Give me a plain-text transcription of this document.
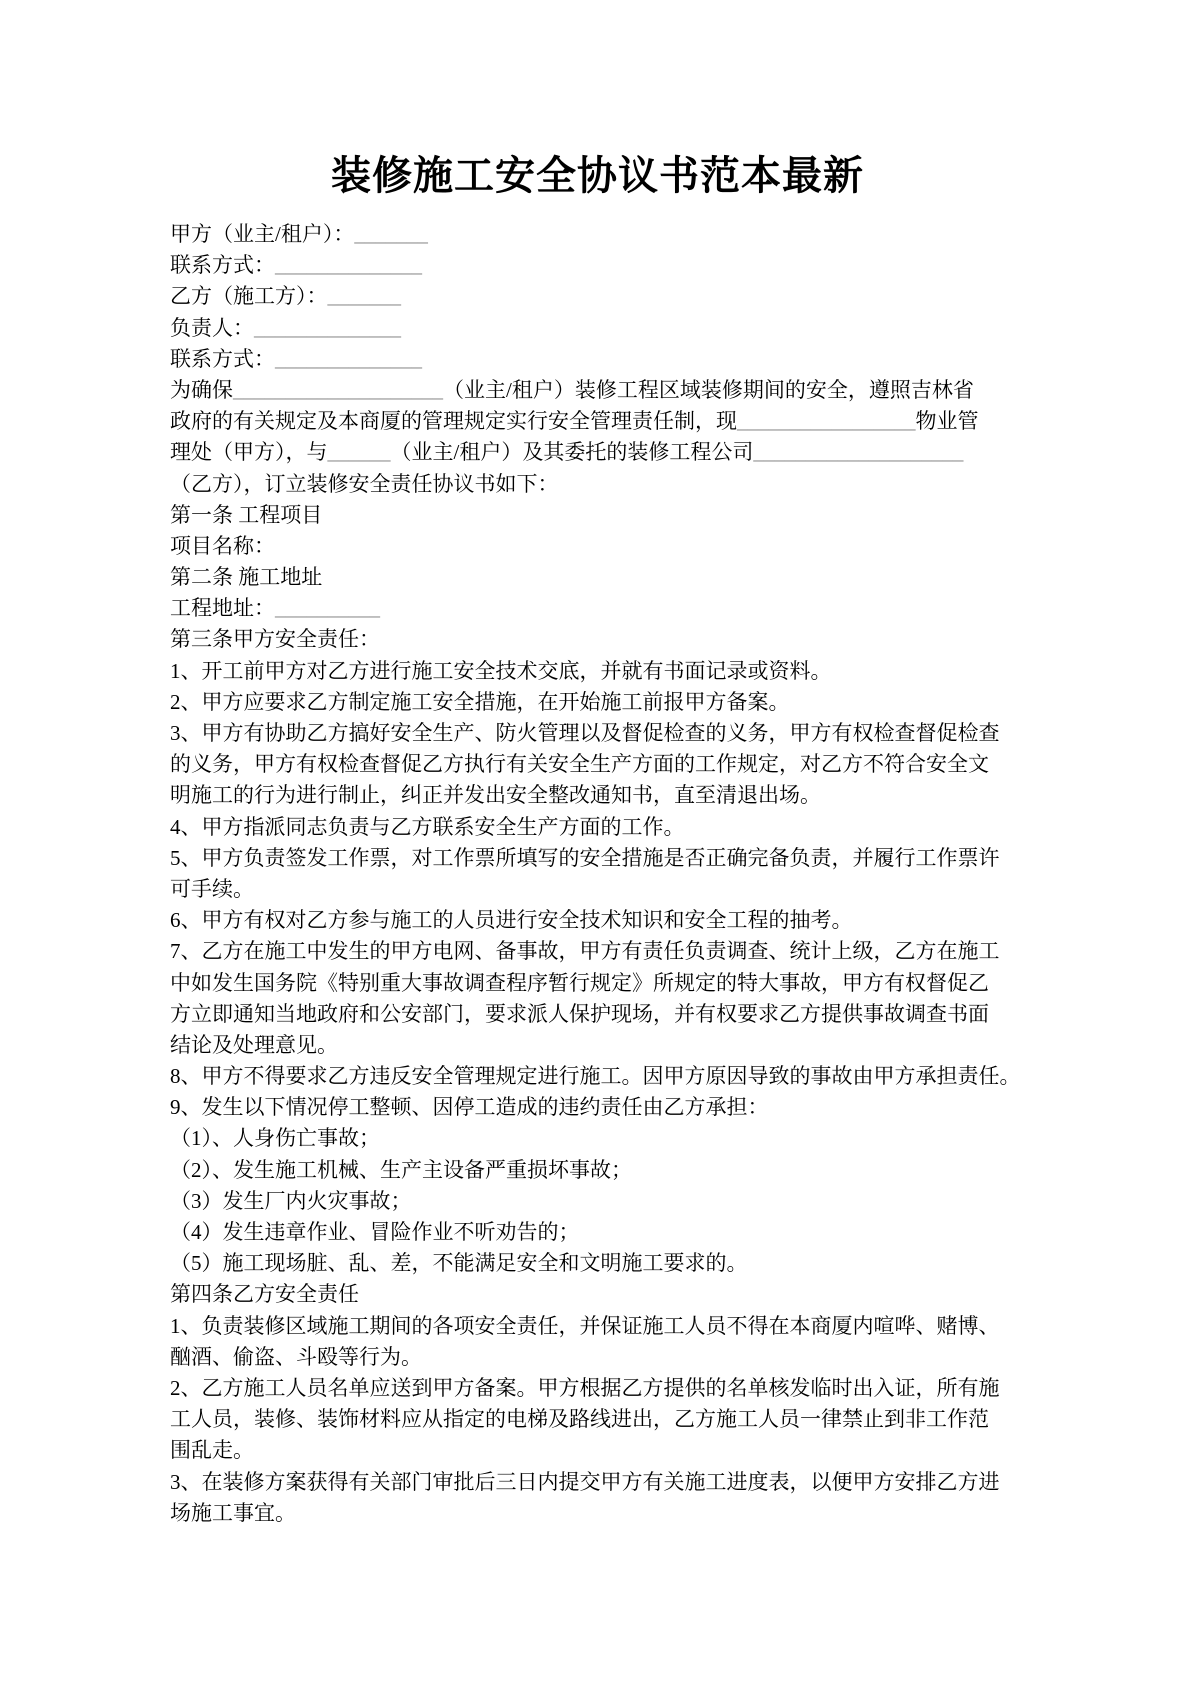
装修施工安全协议书范本最新
甲方（业主/租户）：_______
联系方式：______________
乙方（施工方）：_______
负责人：______________
联系方式：______________
为确保____________________（业主/租户）装修工程区域装修期间的安全，遵照吉林省
政府的有关规定及本商厦的管理规定实行安全管理责任制，现_________________物业管
理处（甲方），与______（业主/租户）及其委托的装修工程公司____________________
（乙方），订立装修安全责任协议书如下：
第一条 工程项目
项目名称：
第二条 施工地址
工程地址：__________
第三条甲方安全责任：
1、开工前甲方对乙方进行施工安全技术交底，并就有书面记录或资料。
2、甲方应要求乙方制定施工安全措施，在开始施工前报甲方备案。
3、甲方有协助乙方搞好安全生产、防火管理以及督促检查的义务，甲方有权检查督促检查
的义务，甲方有权检查督促乙方执行有关安全生产方面的工作规定，对乙方不符合安全文
明施工的行为进行制止，纠正并发出安全整改通知书，直至清退出场。
4、甲方指派同志负责与乙方联系安全生产方面的工作。
5、甲方负责签发工作票，对工作票所填写的安全措施是否正确完备负责，并履行工作票许
可手续。
6、甲方有权对乙方参与施工的人员进行安全技术知识和安全工程的抽考。
7、乙方在施工中发生的甲方电网、备事故，甲方有责任负责调查、统计上级，乙方在施工
中如发生国务院《特别重大事故调查程序暂行规定》所规定的特大事故，甲方有权督促乙
方立即通知当地政府和公安部门，要求派人保护现场，并有权要求乙方提供事故调查书面
结论及处理意见。
8、甲方不得要求乙方违反安全管理规定进行施工。因甲方原因导致的事故由甲方承担责任。
9、发生以下情况停工整顿、因停工造成的违约责任由乙方承担：
（1）、人身伤亡事故；
（2）、发生施工机械、生产主设备严重损坏事故；
（3）发生厂内火灾事故；
（4）发生违章作业、冒险作业不听劝告的；
（5）施工现场脏、乱、差，不能满足安全和文明施工要求的。
第四条乙方安全责任
1、负责装修区域施工期间的各项安全责任，并保证施工人员不得在本商厦内喧哗、赌博、
酗酒、偷盗、斗殴等行为。
2、乙方施工人员名单应送到甲方备案。甲方根据乙方提供的名单核发临时出入证，所有施
工人员，装修、装饰材料应从指定的电梯及路线进出，乙方施工人员一律禁止到非工作范
围乱走。
3、在装修方案获得有关部门审批后三日内提交甲方有关施工进度表，以便甲方安排乙方进
场施工事宜。
